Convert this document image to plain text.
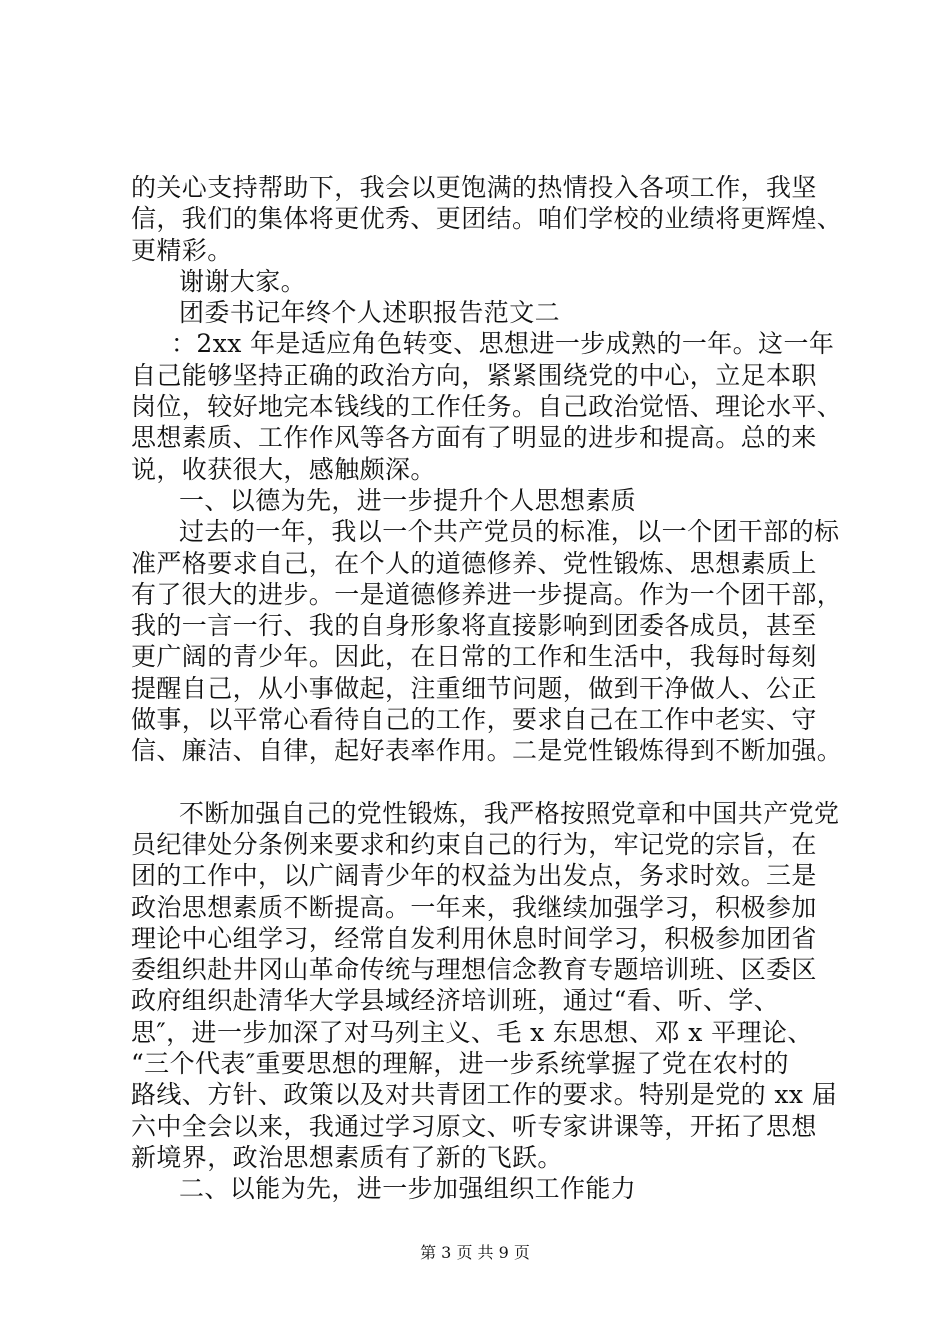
的关心支持帮助下，我会以更饱满的热情投入各项工作，我坚
信，我们的集体将更优秀、更团结。咱们学校的业绩将更辉煌、
更精彩。
谢谢大家。
团委书记年终个人述职报告范文二
：2xx 年是适应角色转变、思想进一步成熟的一年。这一年
自己能够坚持正确的政治方向，紧紧围绕党的中心，立足本职
岗位，较好地完本钱线的工作任务。自己政治觉悟、理论水平、
思想素质、工作作风等各方面有了明显的进步和提高。总的来
说，收获很大，感触颇深。
一、以德为先，进一步提升个人思想素质
过去的一年，我以一个共产党员的标准，以一个团干部的标
准严格要求自己，在个人的道德修养、党性锻炼、思想素质上
有了很大的进步。一是道德修养进一步提高。作为一个团干部，
我的一言一行、我的自身形象将直接影响到团委各成员，甚至
更广阔的青少年。因此，在日常的工作和生活中，我每时每刻
提醒自己，从小事做起，注重细节问题，做到干净做人、公正
做事，以平常心看待自己的工作，要求自己在工作中老实、守
信、廉洁、自律，起好表率作用。二是党性锻炼得到不断加强。
不断加强自己的党性锻炼，我严格按照党章和中国共产党党
员纪律处分条例来要求和约束自己的行为，牢记党的宗旨，在
团的工作中，以广阔青少年的权益为出发点，务求时效。三是
政治思想素质不断提高。一年来，我继续加强学习，积极参加
理论中心组学习，经常自发利用休息时间学习，积极参加团省
委组织赴井冈山革命传统与理想信念教育专题培训班、区委区
政府组织赴清华大学县域经济培训班，通过“看、听、学、
思″，进一步加深了对马列主义、毛 x 东思想、邓 x 平理论、
“三个代表″重要思想的理解，进一步系统掌握了党在农村的
路线、方针、政策以及对共青团工作的要求。特别是党的 xx 届
六中全会以来，我通过学习原文、听专家讲课等，开拓了思想
新境界，政治思想素质有了新的飞跃。
二、以能为先，进一步加强组织工作能力
第 3 页 共 9 页
